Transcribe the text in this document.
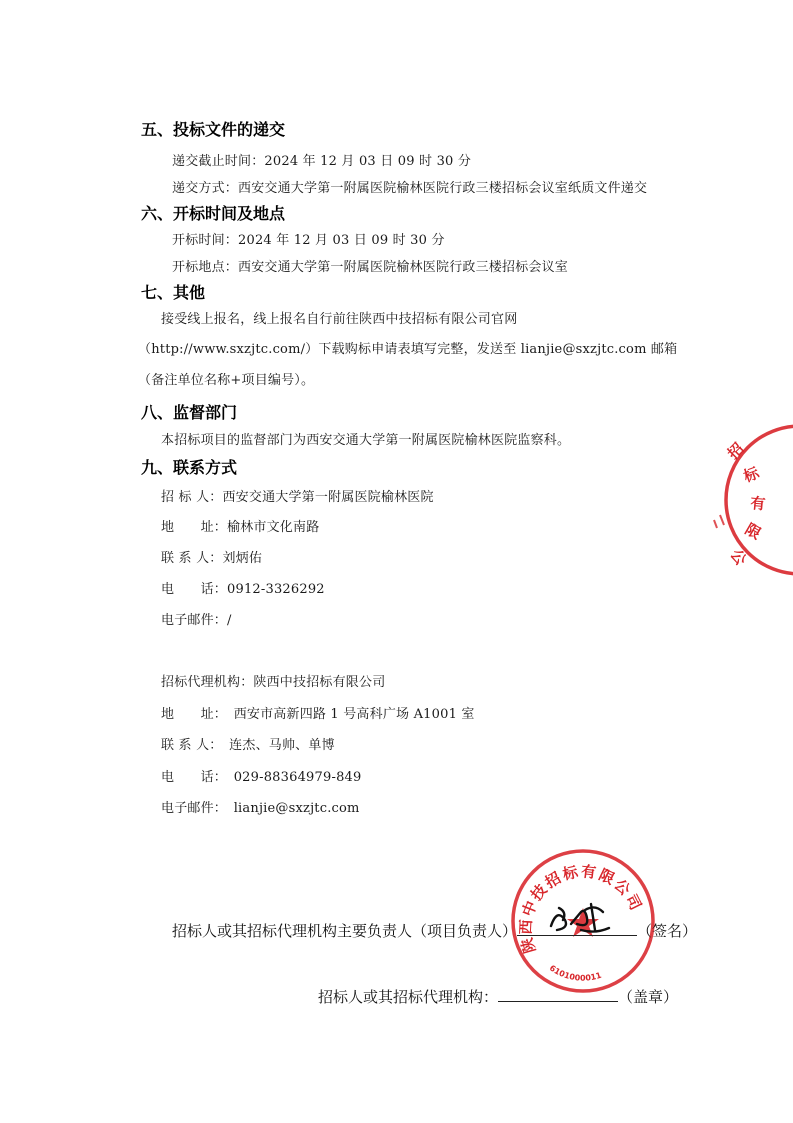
五、投标文件的递交
递交截止时间：2024 年 12 月 03 日 09 时 30 分
递交方式：西安交通大学第一附属医院榆林医院行政三楼招标会议室纸质文件递交
六、开标时间及地点
开标时间：2024 年 12 月 03 日 09 时 30 分
开标地点：西安交通大学第一附属医院榆林医院行政三楼招标会议室
七、其他
接受线上报名，线上报名自行前往陕西中技招标有限公司官网
（http://www.sxzjtc.com/）下载购标申请表填写完整，发送至 lianjie@sxzjtc.com 邮箱
（备注单位名称+项目编号）。
八、监督部门
本招标项目的监督部门为西安交通大学第一附属医院榆林医院监察科。
九、联系方式
招 标 人：西安交通大学第一附属医院榆林医院
地　　址：榆林市文化南路
联 系 人：刘炳佑
电　　话：0912-3326292
电子邮件：/
招标代理机构：陕西中技招标有限公司
地　　址：　西安市高新四路 1 号高科广场 A1001 室
联 系 人：　连杰、马帅、单博
电　　话：　029-88364979-849
电子邮件：　lianjie@sxzjtc.com
招
标
有
限
公
陕西中技招标有限公司
6101000011
招标人或其招标代理机构主要负责人（项目负责人）	（签名）
招标人或其招标代理机构：	（盖章）
